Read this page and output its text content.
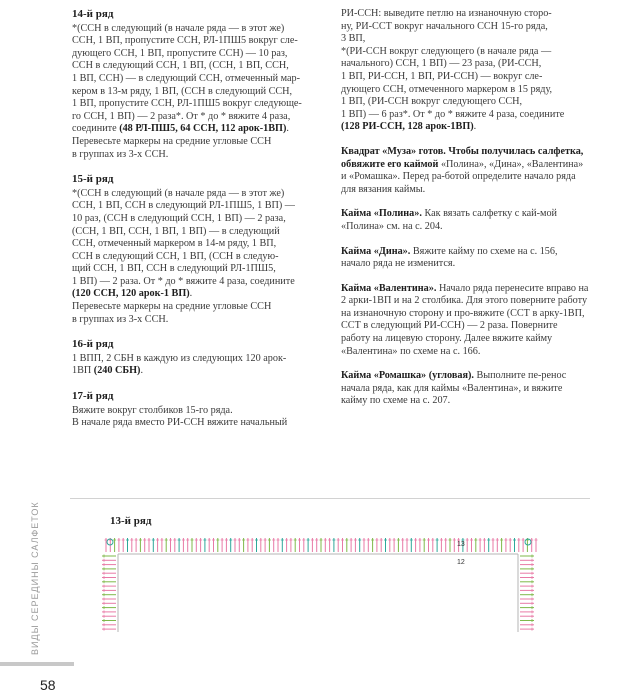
14-й ряд

*(ССН в следующий (в начале ряда — в этот же)

ССН, 1 ВП, пропустите ССН, РЛ-1ПШ5 вокруг сле-

дующего ССН, 1 ВП, пропустите ССН) — 10 раз,

ССН в следующий ССН, 1 ВП, (ССН, 1 ВП, ССН,

1 ВП, ССН) — в следующий ССН, отмеченный мар-

кером в 13-м ряду, 1 ВП, (ССН в следующий ССН,

1 ВП, пропустите ССН, РЛ-1ПШ5 вокруг следующе-

го ССН, 1 ВП) — 2 раза*. От * до * вяжите 4 раза,

соедините (48 РЛ-ПШ5, 64 ССН, 112 арок-1ВП).

Перевесьте маркеры на средние угловые ССН

в группах из 3-х ССН.

15-й ряд

*(ССН в следующий (в начале ряда — в этот же)

ССН, 1 ВП, ССН в следующий РЛ-1ПШ5, 1 ВП) —

10 раз, (ССН в следующий ССН, 1 ВП) — 2 раза,

(ССН, 1 ВП, ССН, 1 ВП, 1 ВП) — в следующий

ССН, отмеченный маркером в 14-м ряду, 1 ВП,

ССН в следующий ССН, 1 ВП, (ССН в следую-

щий ССН, 1 ВП, ССН в следующий РЛ-1ПШ5,

1 ВП) — 2 раза. От * до * вяжите 4 раза, соедините

(120 ССН, 120 арок-1 ВП).

Перевесьте маркеры на средние угловые ССН

в группах из 3-х ССН.

16-й ряд

1 ВПП, 2 СБН в каждую из следующих 120 арок-

1ВП (240 СБН).

17-й ряд

Вяжите вокруг столбиков 15-го ряда.

В начале ряда вместо РИ-ССН вяжите начальный

РИ-ССН: выведите петлю на изнаночную сторо-

ну, РИ-ССТ вокруг начального ССН 15-го ряда,

3 ВП,

*(РИ-ССН вокруг следующего (в начале ряда —

начального) ССН, 1 ВП) — 23 раза, (РИ-ССН,

1 ВП, РИ-ССН, 1 ВП, РИ-ССН) — вокруг сле-

дующего ССН, отмеченного маркером в 15 ряду,

1 ВП, (РИ-ССН вокруг следующего ССН,

1 ВП) — 6 раз*. От * до * вяжите 4 раза, соедините

(128 РИ-ССН, 128 арок-1ВП).

Квадрат «Муза» готов. Чтобы получилась салфетка, обвяжите его каймой «Полина», «Дина», «Валентина» и «Ромашка». Перед ра-ботой определите начало ряда для вязания каймы.

Кайма «Полина». Как вязать салфетку с кай-мой «Полина» см. на с. 204.

Кайма «Дина». Вяжите кайму по схеме на с. 156, начало ряда не изменится.

Кайма «Валентина». Начало ряда перенесите вправо на 2 арки-1ВП и на 2 столбика. Для этого поверните работу на изнаночную сторону и про-вяжите (ССТ в арку-1ВП, ССТ в следующий РИ-ССН) — 2 раза. Поверните работу на лицевую сторону. Далее вяжите кайму «Валентина» по схеме на с. 166.

Кайма «Ромашка» (угловая). Выполните пе-ренос начала ряда, как для каймы «Валентина», и вяжите кайму по схеме на с. 207.

13-й ряд
13
12
ВИДЫ СЕРЕДИНЫ САЛФЕТОК
58
